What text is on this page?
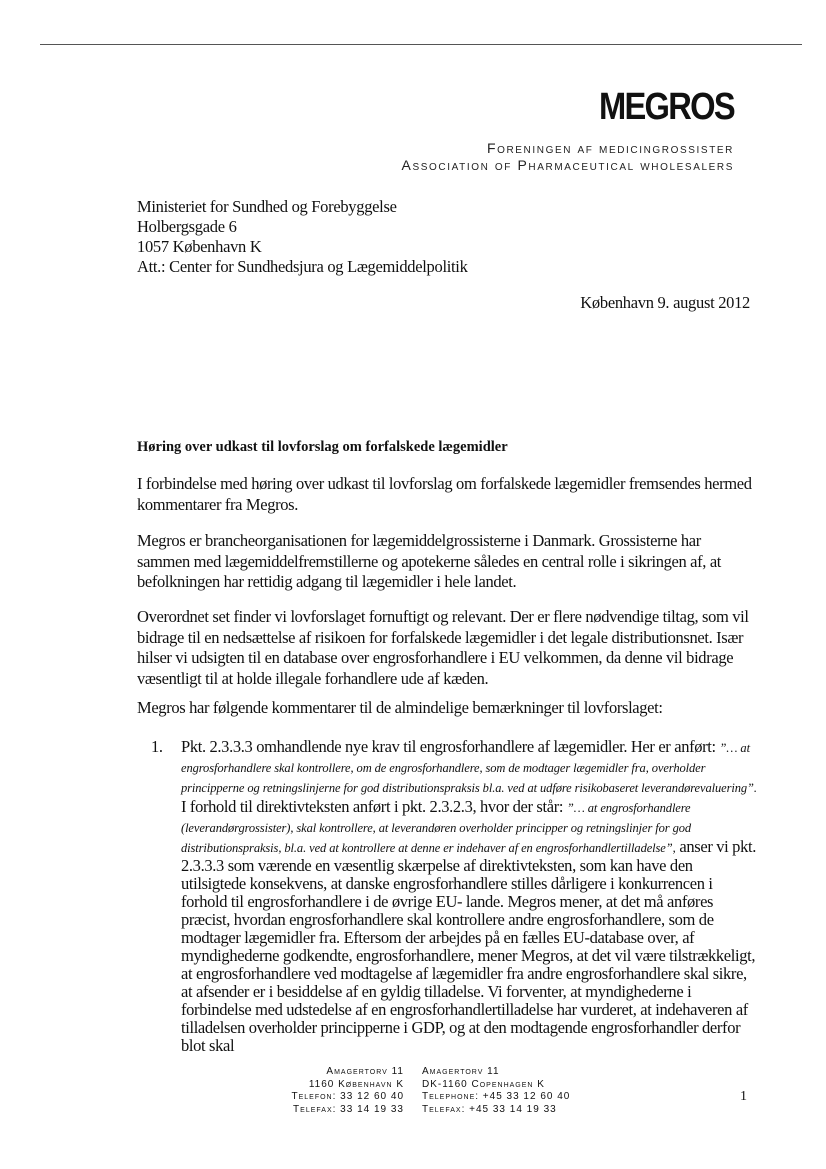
MEGROS
Foreningen af medicingrossister
Association of Pharmaceutical wholesalers
Ministeriet for Sundhed og Forebyggelse
Holbergsgade 6
1057 København K
Att.: Center for Sundhedsjura og Lægemiddelpolitik
København 9. august 2012
Høring over udkast til lovforslag om forfalskede lægemidler
I forbindelse med høring over udkast til lovforslag om forfalskede lægemidler fremsendes hermed kommentarer fra Megros.
Megros er brancheorganisationen for lægemiddelgrossisterne i Danmark. Grossisterne har sammen med lægemiddelfremstillerne og apotekerne således en central rolle i sikringen af, at befolkningen har rettidig adgang til lægemidler i hele landet.
Overordnet set finder vi lovforslaget fornuftigt og relevant. Der er flere nødvendige tiltag, som vil bidrage til en nedsættelse af risikoen for forfalskede lægemidler i det legale distributionsnet. Især hilser vi udsigten til en database over engrosforhandlere i EU velkommen, da denne vil bidrage væsentligt til at holde illegale forhandlere ude af kæden.
Megros har følgende kommentarer til de almindelige bemærkninger til lovforslaget:
1. Pkt. 2.3.3.3 omhandlende nye krav til engrosforhandlere af lægemidler. Her er anført: ”… at engrosforhandlere skal kontrollere, om de engrosforhandlere, som de modtager lægemidler fra, overholder principperne og retningslinjerne for god distributionspraksis bl.a. ved at udføre risikobaseret leverandørevaluering”. I forhold til direktivteksten anført i pkt. 2.3.2.3, hvor der står: ”… at engrosforhandlere (leverandørgrossister), skal kontrollere, at leverandøren overholder principper og retningslinjer for god distributionspraksis, bl.a. ved at kontrollere at denne er indehaver af en engrosforhandlertilladelse”, anser vi pkt. 2.3.3.3 som værende en væsentlig skærpelse af direktivteksten, som kan have den utilsigtede konsekvens, at danske engrosforhandlere stilles dårligere i konkurrencen i forhold til engrosforhandlere i de øvrige EU- lande. Megros mener, at det må anføres præcist, hvordan engrosforhandlere skal kontrollere andre engrosforhandlere, som de modtager lægemidler fra. Eftersom der arbejdes på en fælles EU-database over, af myndighederne godkendte, engrosforhandlere, mener Megros, at det vil være tilstrækkeligt, at engrosforhandlere ved modtagelse af lægemidler fra andre engrosforhandlere skal sikre, at afsender er i besiddelse af en gyldig tilladelse. Vi forventer, at myndighederne i forbindelse med udstedelse af en engrosforhandlertilladelse har vurderet, at indehaveren af tilladelsen overholder principperne i GDP, og at den modtagende engrosforhandler derfor blot skal
Amagertorv 11
1160 København K
Telefon: 33 12 60 40
Telefax: 33 14 19 33
Amagertorv 11
DK-1160 Copenhagen K
Telephone: +45 33 12 60 40
Telefax: +45 33 14 19 33
1
